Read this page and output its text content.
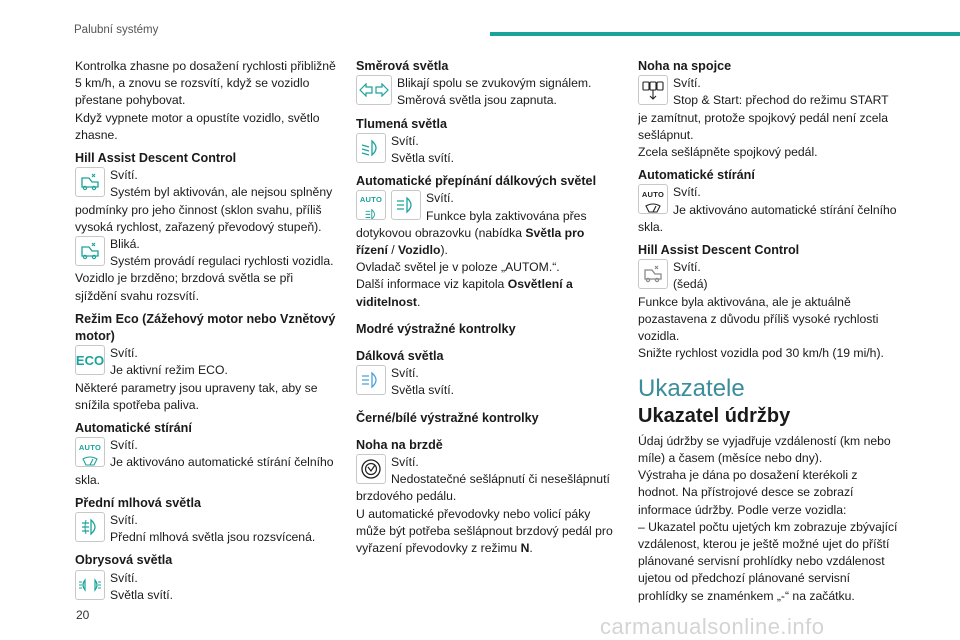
Palubní systémy

Kontrolka zhasne po dosažení rychlosti přibližně 5 km/h, a znovu se rozsvítí, když se vozidlo přestane pohybovat.

Když vypnete motor a opustíte vozidlo, světlo zhasne.

Hill Assist Descent Control

Svítí.
Systém byl aktivován, ale nejsou splněny podmínky pro jeho činnost (sklon svahu, příliš vysoká rychlost, zařazený převodový stupeň).
Bliká.
Systém provádí regulaci rychlosti vozidla. Vozidlo je brzděno; brzdová světla se při sjíždění svahu rozsvítí.

Režim Eco (Zážehový motor nebo Vznětový motor)

ECO Svítí.
Je aktivní režim ECO.

Některé parametry jsou upraveny tak, aby se snížila spotřeba paliva.

Automatické stírání

AUTO Svítí.
Je aktivováno automatické stírání čelního skla.

Přední mlhová světla

Svítí.
Přední mlhová světla jsou rozsvícená.

Obrysová světla

Svítí.
Světla svítí.

Směrová světla

Blikají spolu se zvukovým signálem.
Směrová světla jsou zapnuta.

Tlumená světla

Svítí.
Světla svítí.

Automatické přepínání dálkových světel

AUTO	Svítí.
Funkce byla zaktivována přes dotykovou obrazovku (nabídka Světla pro řízení / Vozidlo).

Ovladač světel je v poloze „AUTOM.“.

Další informace viz kapitola Osvětlení a viditelnost.

Modré výstražné kontrolky

Dálková světla

Svítí.
Světla svítí.

Černé/bílé výstražné kontrolky

Noha na brzdě

Svítí.
Nedostatečné sešlápnutí či nesešlápnutí brzdového pedálu.

U automatické převodovky nebo volicí páky může být potřeba sešlápnout brzdový pedál pro vyřazení převodovky z režimu N.

Noha na spojce

Svítí.
Stop & Start: přechod do režimu START je zamítnut, protože spojkový pedál není zcela sešlápnut.

Zcela sešlápněte spojkový pedál.

Automatické stírání

AUTO Svítí.
Je aktivováno automatické stírání čelního skla.

Hill Assist Descent Control

Svítí.
(šedá)

Funkce byla aktivována, ale je aktuálně pozastavena z důvodu příliš vysoké rychlosti vozidla.

Snižte rychlost vozidla pod 30 km/h (19 mi/h).

Ukazatele
Ukazatel údržby

Údaj údržby se vyjadřuje vzdáleností (km nebo míle) a časem (měsíce nebo dny).

Výstraha je dána po dosažení kterékoli z hodnot. Na přístrojové desce se zobrazí informace údržby. Podle verze vozidla:

– Ukazatel počtu ujetých km zobrazuje zbývající vzdálenost, kterou je ještě možné ujet do příští plánované servisní prohlídky nebo vzdálenost ujetou od předchozí plánované servisní prohlídky se znaménkem „-“ na začátku.

20	carmanualsonline.info
